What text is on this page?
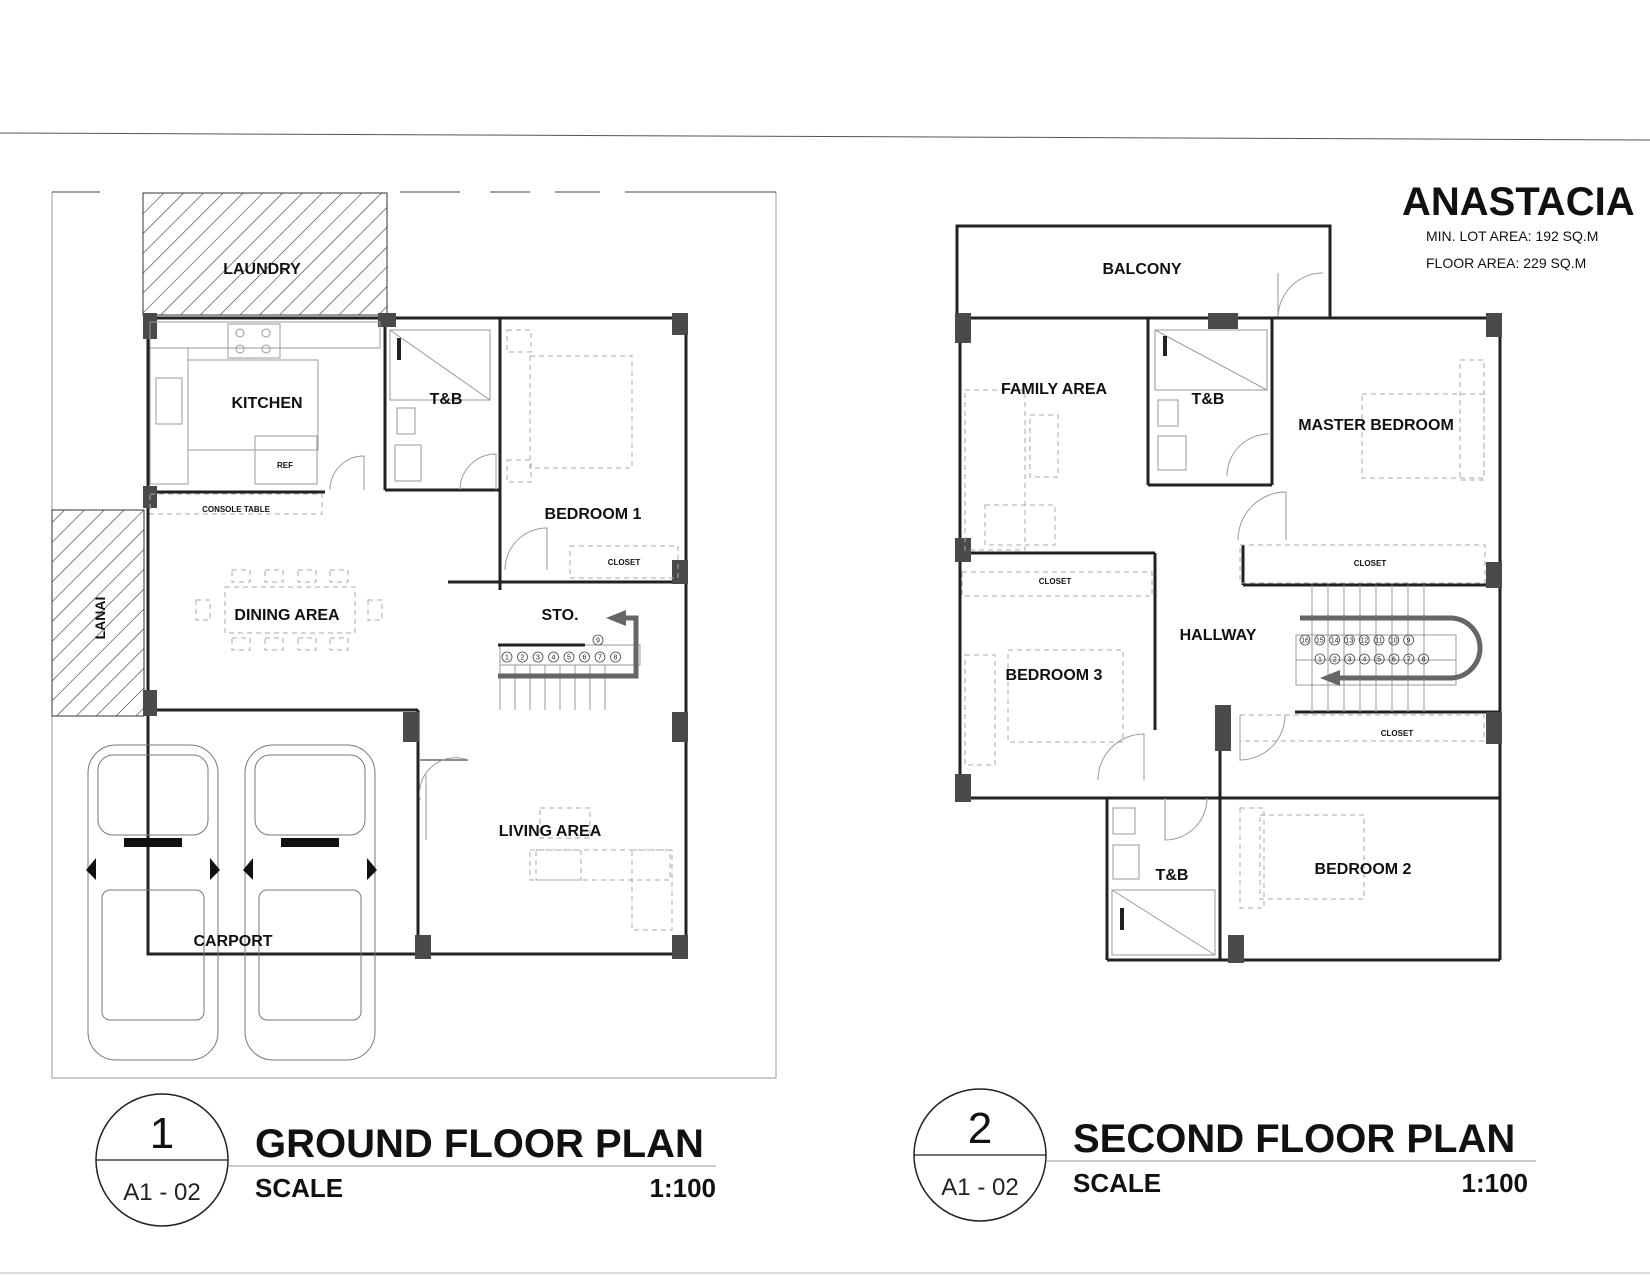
LAUNDRY
KITCHEN
REF
T&B
BEDROOM 1
CLOSET
CONSOLE TABLE
DINING AREA
LANAI	STO.
LIVING AREA
CARPORT
1 2 3 4 5 6 7 8
9
BALCONY
FAMILY AREA
T&B
MASTER BEDROOM
CLOSET
CLOSET
HALLWAY
BEDROOM 3
CLOSET
T&B	BEDROOM 2
16 15 14 13 12 11 10 9
1 2 3 4 5 6 7 8
ANASTACIA
MIN. LOT AREA: 192 SQ.M
FLOOR AREA: 229 SQ.M
1
A1 - 02
GROUND FLOOR PLAN
SCALE	1:100
2
A1 - 02
SECOND FLOOR PLAN
SCALE	1:100
